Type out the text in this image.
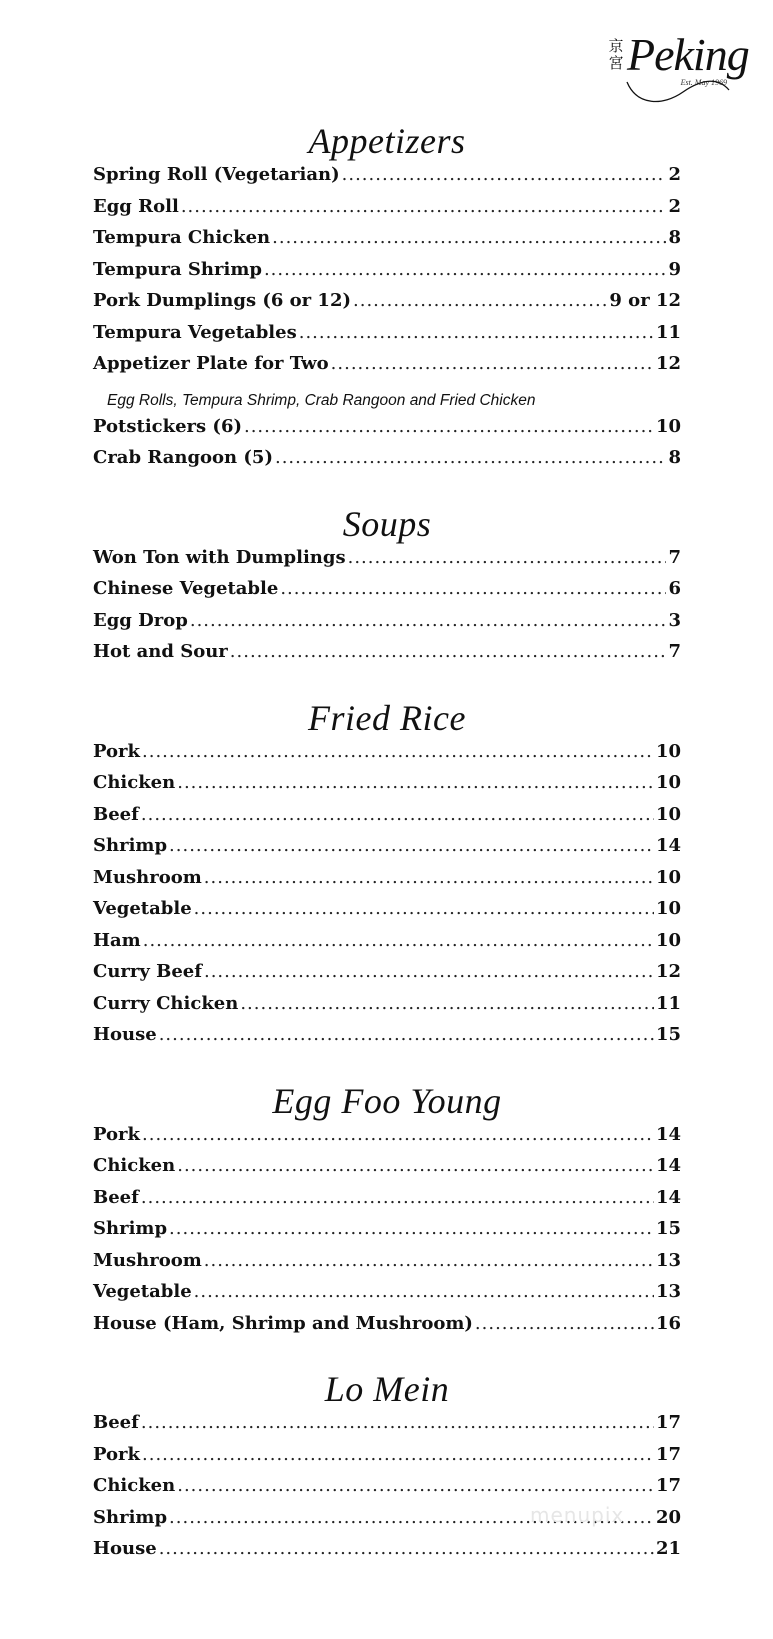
京宮 Peking
Est. May 1969
Appetizers
Spring Roll (Vegetarian) .....	2
Egg Roll .....	2
Tempura Chicken .....	8
Tempura Shrimp .....	9
Pork Dumplings (6 or 12) .....	9 or 12
Tempura Vegetables .....	11
Appetizer Plate for Two .....	12
Egg Rolls, Tempura Shrimp, Crab Rangoon and Fried Chicken
Potstickers (6) .....	10
Crab Rangoon (5) .....	8
Soups
Won Ton with Dumplings .....	7
Chinese Vegetable .....	6
Egg Drop .....	3
Hot and Sour .....	7
Fried Rice
Pork .....	10
Chicken .....	10
Beef .....	10
Shrimp .....	14
Mushroom .....	10
Vegetable .....	10
Ham .....	10
Curry Beef .....	12
Curry Chicken .....	11
House .....	15
Egg Foo Young
Pork .....	14
Chicken .....	14
Beef .....	14
Shrimp .....	15
Mushroom .....	13
Vegetable .....	13
House (Ham, Shrimp and Mushroom) .....	16
Lo Mein
Beef .....	17
Pork .....	17
Chicken .....	17
Shrimp .....	20
House .....	21
menupix
